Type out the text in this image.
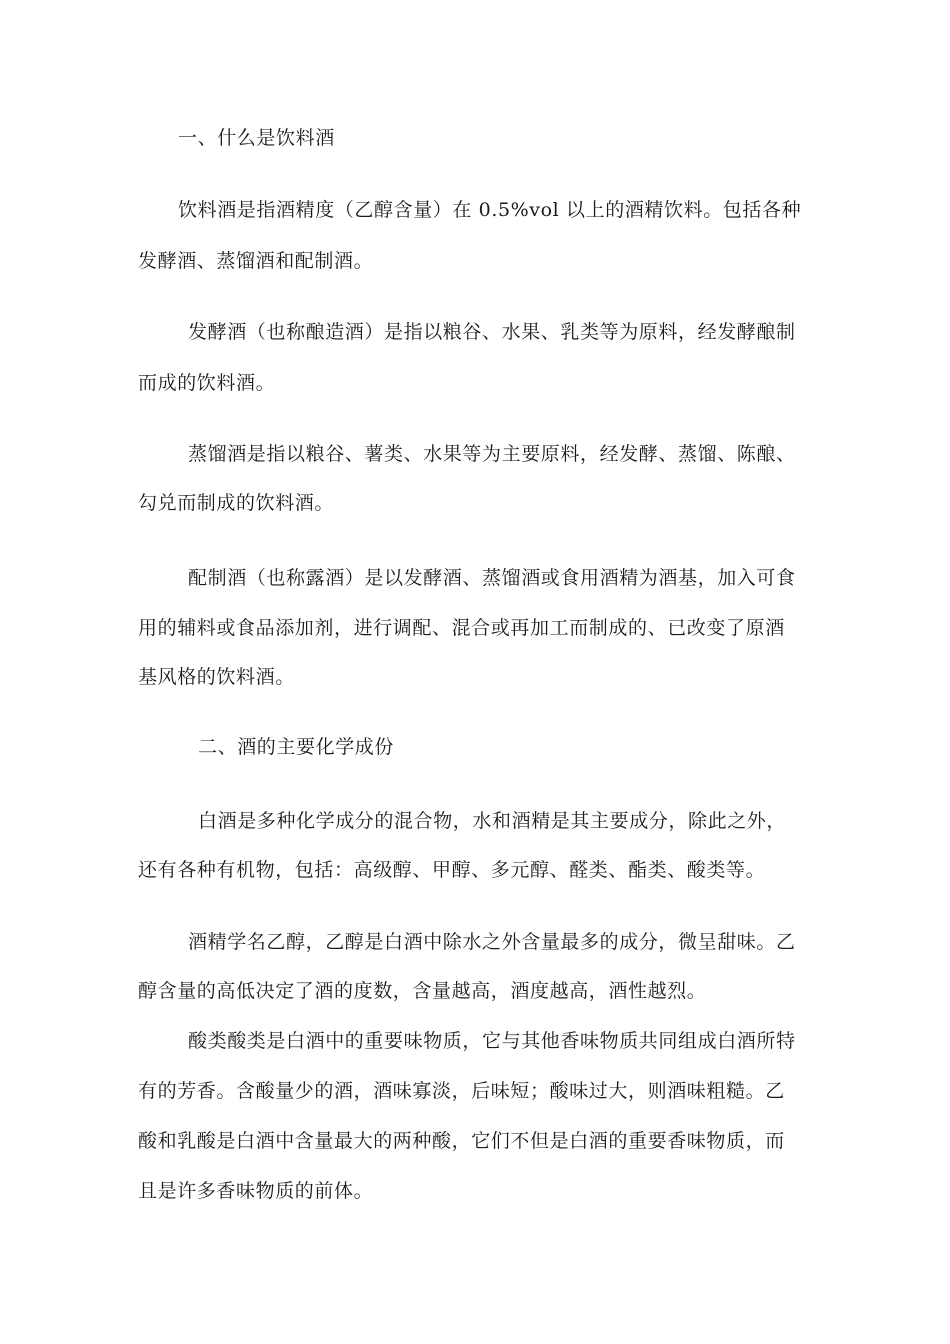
一、什么是饮料酒
饮料酒是指酒精度（乙醇含量）在 0.5%vol 以上的酒精饮料。包括各种
发酵酒、蒸馏酒和配制酒。
发酵酒（也称酿造酒）是指以粮谷、水果、乳类等为原料，经发酵酿制
而成的饮料酒。
蒸馏酒是指以粮谷、薯类、水果等为主要原料，经发酵、蒸馏、陈酿、
勾兑而制成的饮料酒。
配制酒（也称露酒）是以发酵酒、蒸馏酒或食用酒精为酒基，加入可食
用的辅料或食品添加剂，进行调配、混合或再加工而制成的、已改变了原酒
基风格的饮料酒。
二、酒的主要化学成份
白酒是多种化学成分的混合物，水和酒精是其主要成分，除此之外，
还有各种有机物，包括：高级醇、甲醇、多元醇、醛类、酯类、酸类等。
酒精学名乙醇，乙醇是白酒中除水之外含量最多的成分，微呈甜味。乙
醇含量的高低决定了酒的度数，含量越高，酒度越高，酒性越烈。
酸类酸类是白酒中的重要味物质，它与其他香味物质共同组成白酒所特
有的芳香。含酸量少的酒，酒味寡淡，后味短；酸味过大，则酒味粗糙。乙
酸和乳酸是白酒中含量最大的两种酸，它们不但是白酒的重要香味物质，而
且是许多香味物质的前体。
